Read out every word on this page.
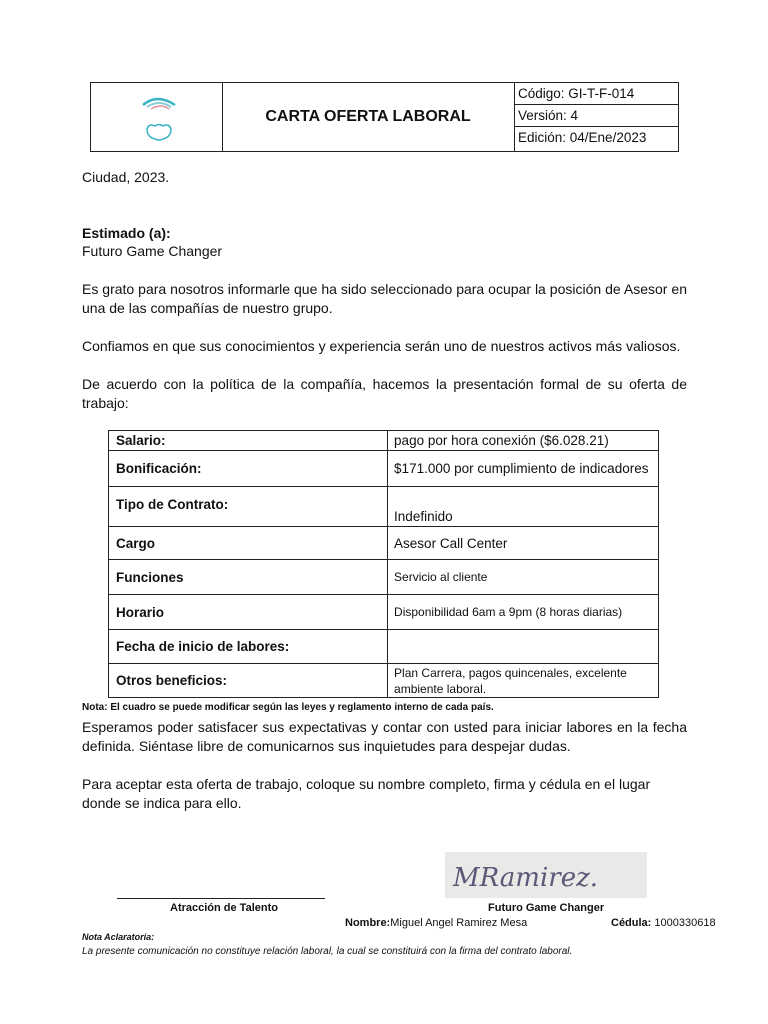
CARTA OFERTA LABORAL
Código: GI-T-F-014
Versión: 4
Edición: 04/Ene/2023
Ciudad, 2023.
Estimado (a):
Futuro Game Changer
Es grato para nosotros informarle que ha sido seleccionado para ocupar la posición de Asesor en una de las compañías de nuestro grupo.
Confiamos en que sus conocimientos y experiencia serán uno de nuestros activos más valiosos.
De acuerdo con la política de la compañía, hacemos la presentación formal de su oferta de trabajo:
Salario:	pago por hora conexión ($6.028.21)
Bonificación:	$171.000 por cumplimiento de indicadores
Tipo de Contrato:	Indefinido
Cargo	Asesor Call Center
Funciones	Servicio al cliente
Horario	Disponibilidad 6am a 9pm (8 horas diarias)
Fecha de inicio de labores:	
Otros beneficios:	Plan Carrera, pagos quincenales, excelente ambiente laboral.
Nota: El cuadro se puede modificar según las leyes y reglamento interno de cada país.
Esperamos poder satisfacer sus expectativas y contar con usted para iniciar labores en la fecha definida. Siéntase libre de comunicarnos sus inquietudes para despejar dudas.
Para aceptar esta oferta de trabajo, coloque su nombre completo, firma y cédula en el lugar donde se indica para ello.
MRamirez.
Atracción de Talento	Futuro Game Changer
Nombre:Miguel Angel Ramirez Mesa	Cédula: 1000330618
Nota Aclaratoria:
La presente comunicación no constituye relación laboral, la cual se constituirá con la firma del contrato laboral.
